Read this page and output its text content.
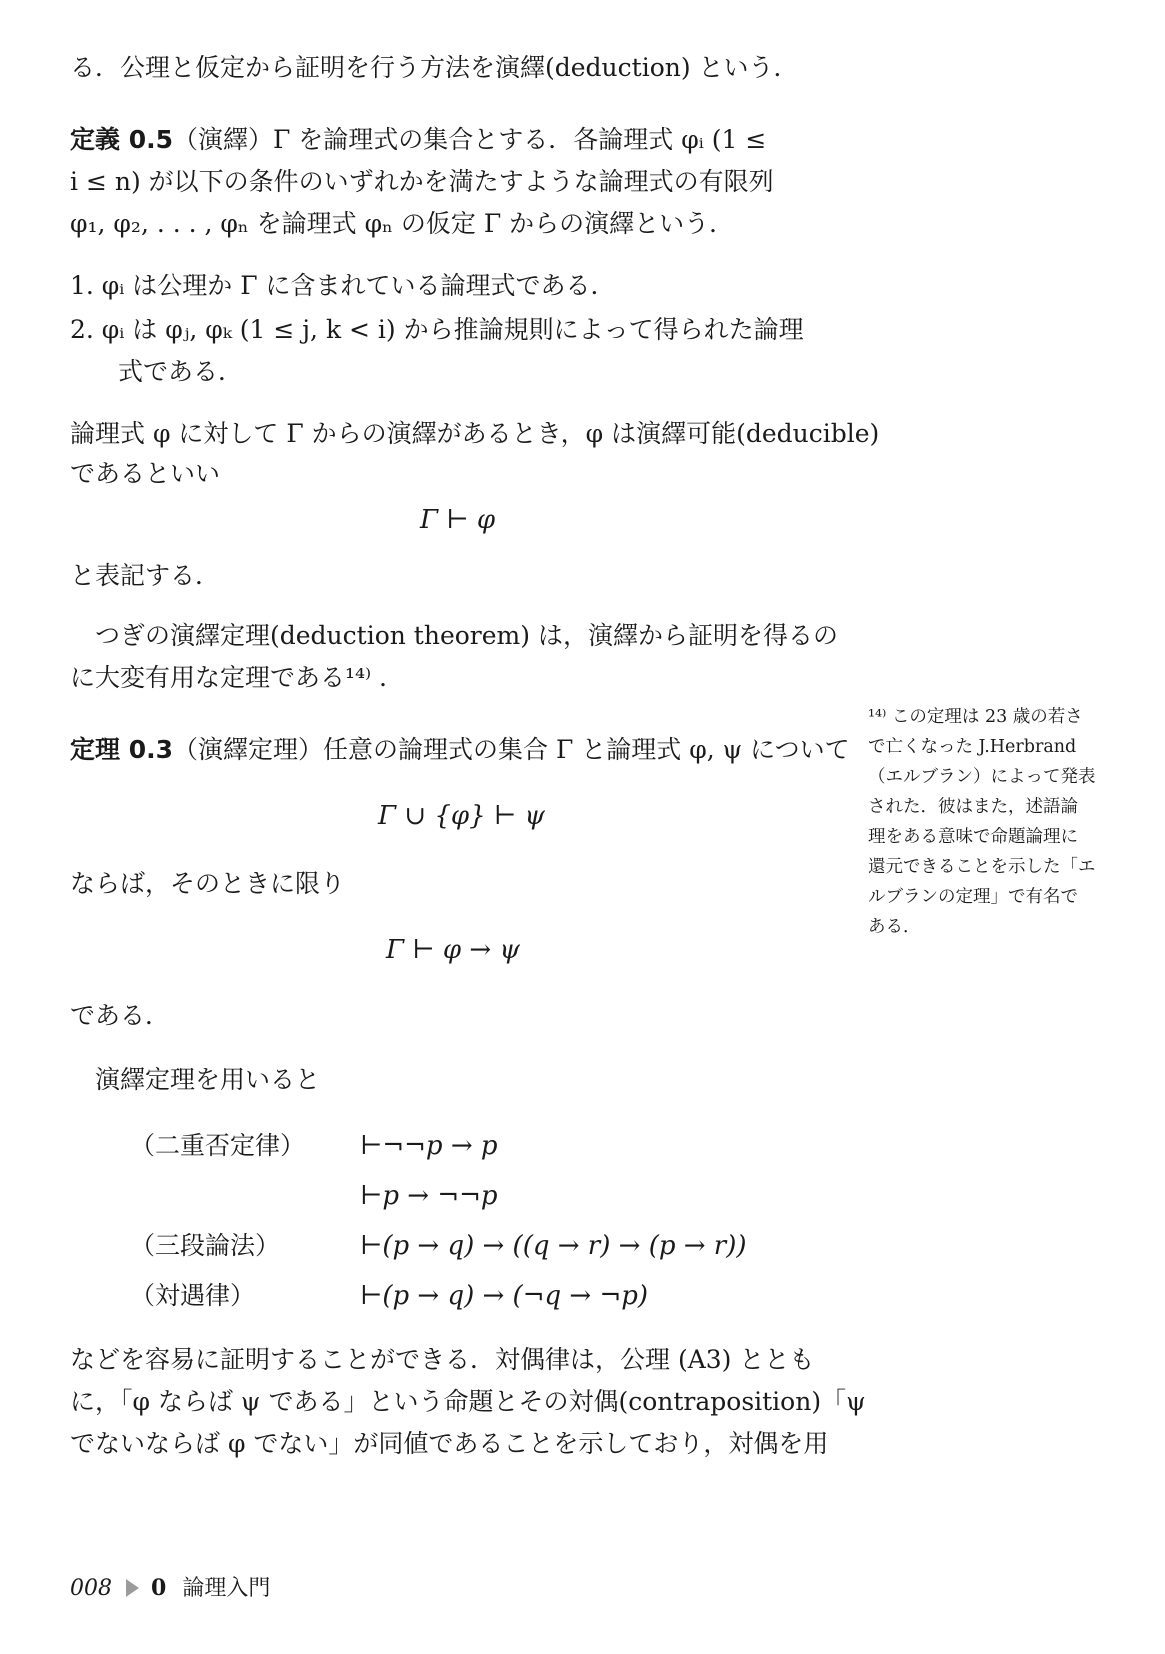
る．公理と仮定から証明を行う方法を演繹(deduction) という．
定義 0.5（演繹）Γ を論理式の集合とする．各論理式 φᵢ (1 ≤
i ≤ n) が以下の条件のいずれかを満たすような論理式の有限列
φ₁, φ₂, . . . , φₙ を論理式 φₙ の仮定 Γ からの演繹という．
1. φᵢ は公理か Γ に含まれている論理式である．
2. φᵢ は φⱼ, φₖ (1 ≤ j, k < i) から推論規則によって得られた論理
式である．
論理式 φ に対して Γ からの演繹があるとき，φ は演繹可能(deducible)
であるといい
Γ ⊢ φ
と表記する．
つぎの演繹定理(deduction theorem) は，演繹から証明を得るの
に大変有用な定理である¹⁴⁾ ．
定理 0.3（演繹定理）任意の論理式の集合 Γ と論理式 φ, ψ について
Γ ∪ {φ} ⊢ ψ
ならば，そのときに限り
Γ ⊢ φ → ψ
である．
演繹定理を用いると
（二重否定律） ⊢¬¬p → p
⊢p → ¬¬p
（三段論法）	⊢(p → q) → ((q → r) → (p → r))
（対遇律）	⊢(p → q) → (¬q → ¬p)
などを容易に証明することができる．対偶律は，公理 (A3) ととも
に，「φ ならば ψ である」という命題とその対偶(contraposition)「ψ
でないならば φ でない」が同値であることを示しており，対偶を用
¹⁴⁾ この定理は 23 歳の若さ
で亡くなった J.Herbrand
（エルブラン）によって発表
された．彼はまた，述語論
理をある意味で命題論理に
還元できることを示した「エ
ルブランの定理」で有名で
ある．
008 0 論理入門
